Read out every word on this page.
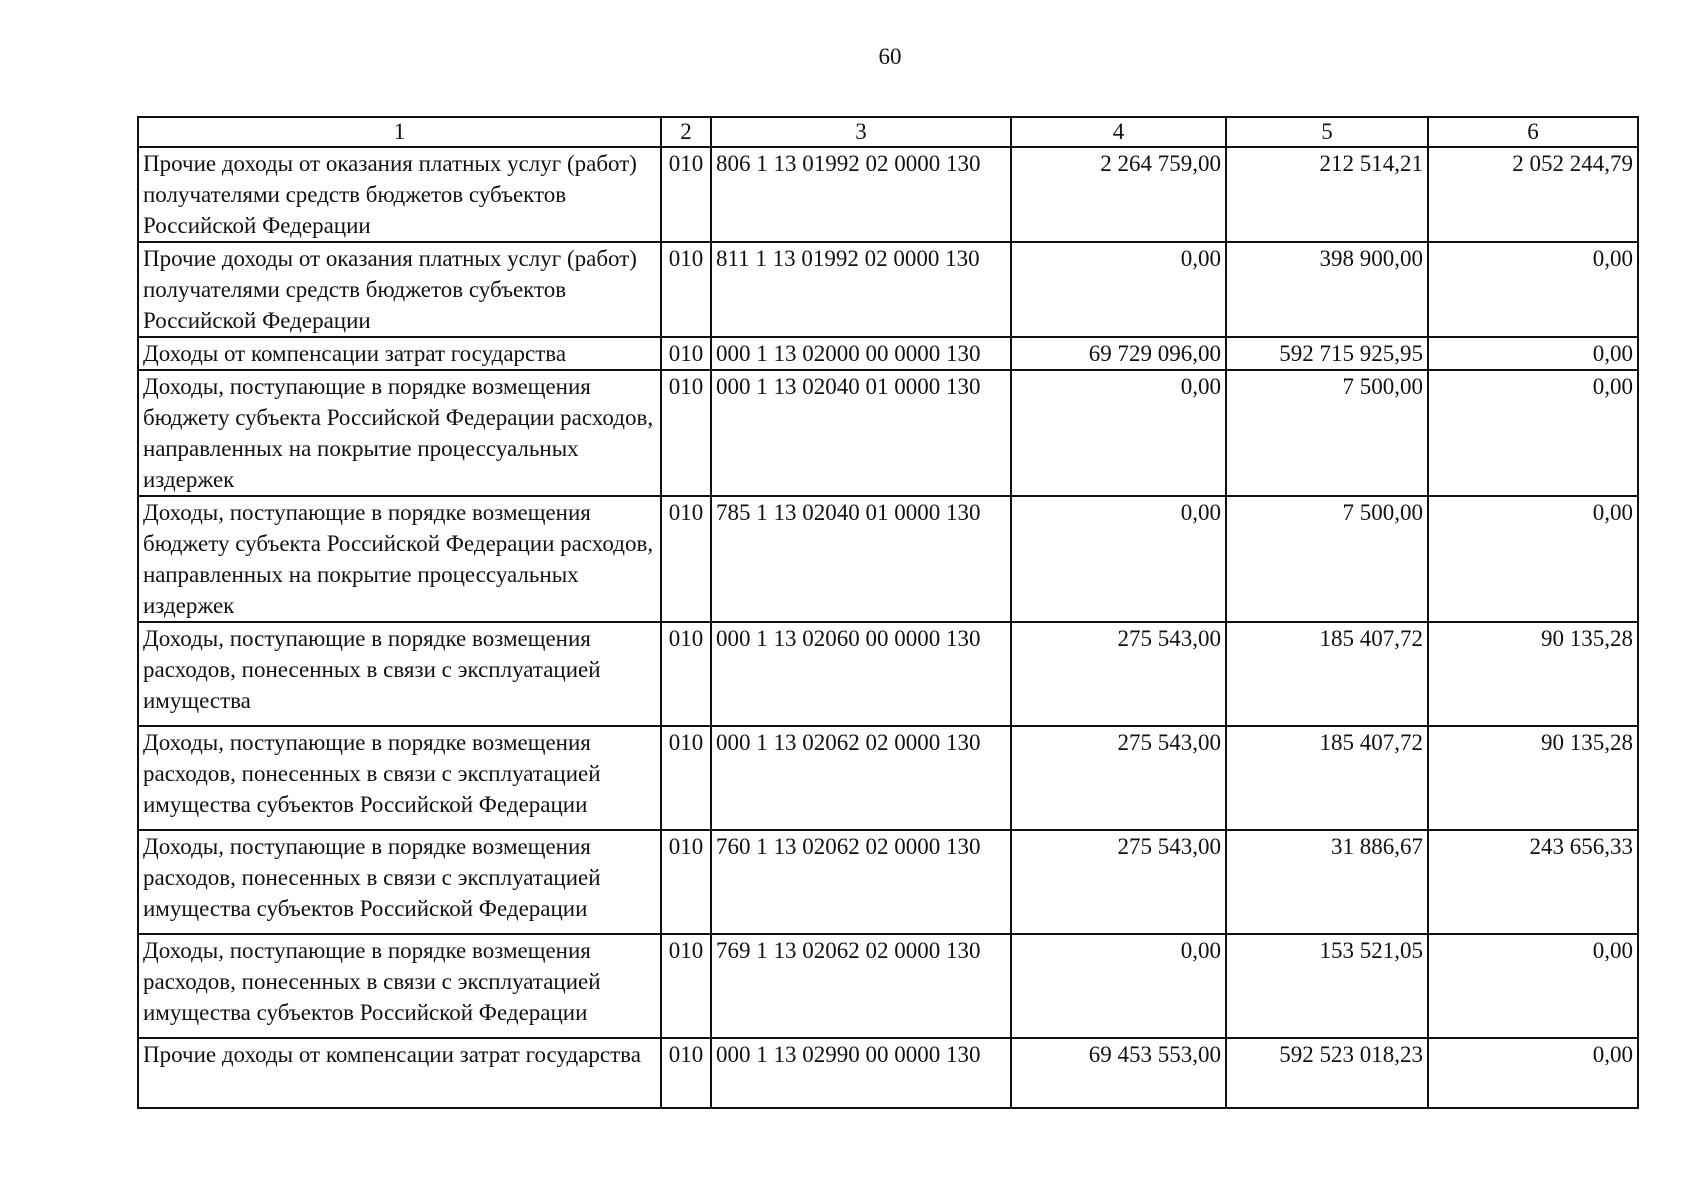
60
1	2	3	4	5	6
Прочие доходы от оказания платных услуг (работ) получателями средств бюджетов субъектов Российской Федерации	010	806 1 13 01992 02 0000 130	2 264 759,00	212 514,21	2 052 244,79
Прочие доходы от оказания платных услуг (работ) получателями средств бюджетов субъектов Российской Федерации	010	811 1 13 01992 02 0000 130	0,00	398 900,00	0,00
Доходы от компенсации затрат государства	010	000 1 13 02000 00 0000 130	69 729 096,00	592 715 925,95	0,00
Доходы, поступающие в порядке возмещения бюджету субъекта Российской Федерации расходов, направленных на покрытие процессуальных издержек	010	000 1 13 02040 01 0000 130	0,00	7 500,00	0,00
Доходы, поступающие в порядке возмещения бюджету субъекта Российской Федерации расходов, направленных на покрытие процессуальных издержек	010	785 1 13 02040 01 0000 130	0,00	7 500,00	0,00
Доходы, поступающие в порядке возмещения расходов, понесенных в связи с эксплуатацией имущества	010	000 1 13 02060 00 0000 130	275 543,00	185 407,72	90 135,28
Доходы, поступающие в порядке возмещения расходов, понесенных в связи с эксплуатацией имущества субъектов Российской Федерации	010	000 1 13 02062 02 0000 130	275 543,00	185 407,72	90 135,28
Доходы, поступающие в порядке возмещения расходов, понесенных в связи с эксплуатацией имущества субъектов Российской Федерации	010	760 1 13 02062 02 0000 130	275 543,00	31 886,67	243 656,33
Доходы, поступающие в порядке возмещения расходов, понесенных в связи с эксплуатацией имущества субъектов Российской Федерации	010	769 1 13 02062 02 0000 130	0,00	153 521,05	0,00
Прочие доходы от компенсации затрат государства	010	000 1 13 02990 00 0000 130	69 453 553,00	592 523 018,23	0,00
